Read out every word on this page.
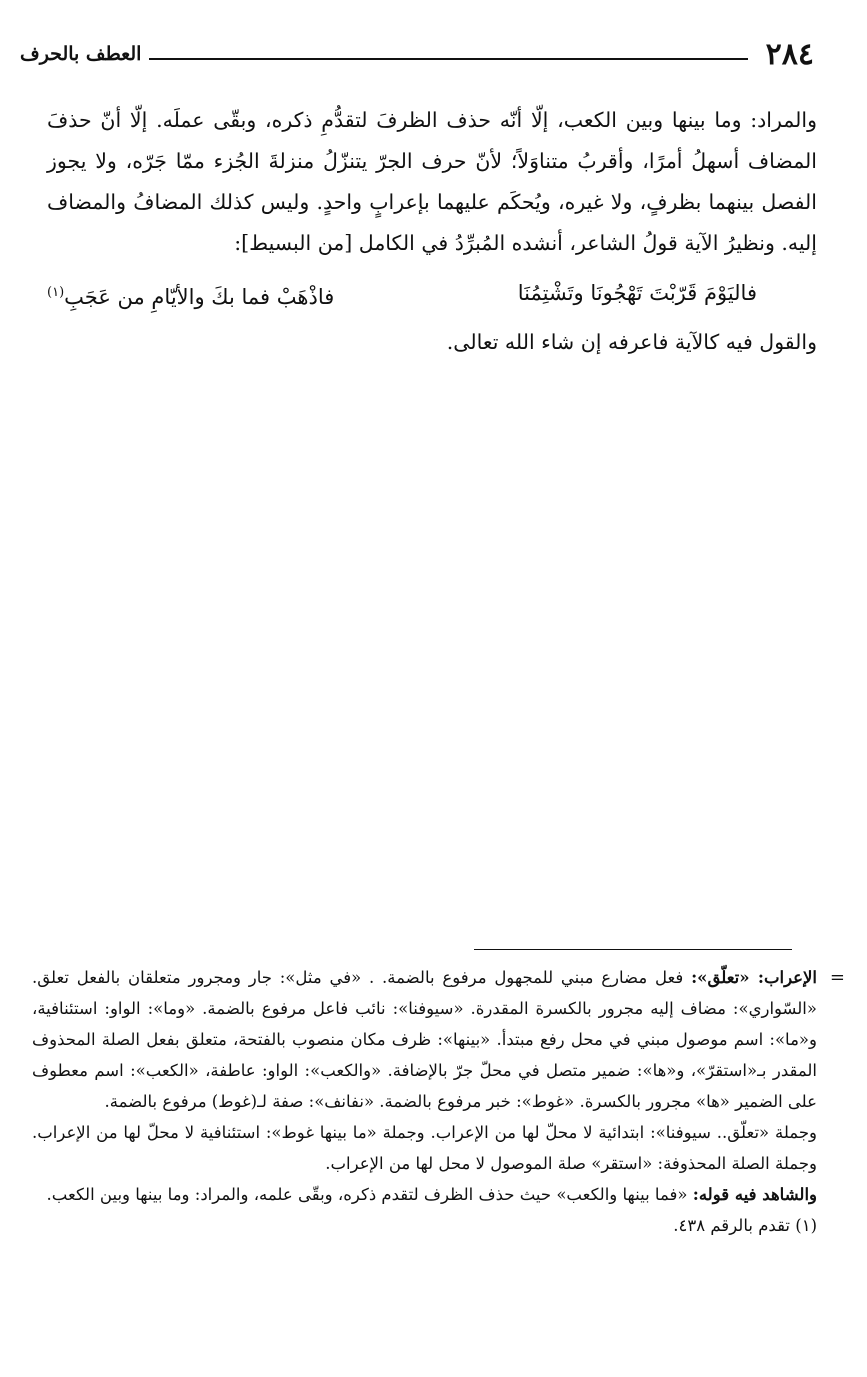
٢٨٤
العطف بالحرف

والمراد: وما بينها وبين الكعب، إلّا أنّه حذف الظرفَ لتقدُّمِ ذكره، وبقّى عملَه. إلّا أنّ حذفَ المضاف أسهلُ أمرًا، وأقربُ متناوَلاً؛ لأنّ حرف الجرّ يتنزّلُ منزلةَ الجُزء ممّا جَرّه، ولا يجوز الفصل بينهما بظرفٍ، ولا غيره، ويُحكَم عليهما بإعرابٍ واحدٍ. وليس كذلك المضافُ والمضاف إليه. ونظيرُ الآية قولُ الشاعر، أنشده المُبرِّدُ في الكامل [من البسيط]:

فاليَوْمَ قَرّبْتَ تَهْجُونَا وتَشْتِمُنَا
فاذْهَبْ فما بكَ والأيّامِ من عَجَبِ$^{(١)}$

والقول فيه كالآية فاعرفه إن شاء الله تعالى.

=

الإعراب: «تعلّق»: فعل مضارع مبني للمجهول مرفوع بالضمة. . «في مثل»: جار ومجرور متعلقان بالفعل تعلق. «السّواري»: مضاف إليه مجرور بالكسرة المقدرة. «سيوفنا»: نائب فاعل مرفوع بالضمة. «وما»: الواو: استئنافية، و«ما»: اسم موصول مبني في محل رفع مبتدأ. «بينها»: ظرف مكان منصوب بالفتحة، متعلق بفعل الصلة المحذوف المقدر بـ«استقرّ»، و«ها»: ضمير متصل في محلّ جرّ بالإضافة. «والكعب»: الواو: عاطفة، «الكعب»: اسم معطوف على الضمير «ها» مجرور بالكسرة. «غوط»: خبر مرفوع بالضمة. «نفانف»: صفة لـ(غوط) مرفوع بالضمة.

وجملة «تعلّق.. سيوفنا»: ابتدائية لا محلّ لها من الإعراب. وجملة «ما بينها غوط»: استئنافية لا محلّ لها من الإعراب. وجملة الصلة المحذوفة: «استقر» صلة الموصول لا محل لها من الإعراب.

والشاهد فيه قوله: «فما بينها والكعب» حيث حذف الظرف لتقدم ذكره، وبقّى علمه، والمراد: وما بينها وبين الكعب.

(١) تقدم بالرقم ٤٣٨.
